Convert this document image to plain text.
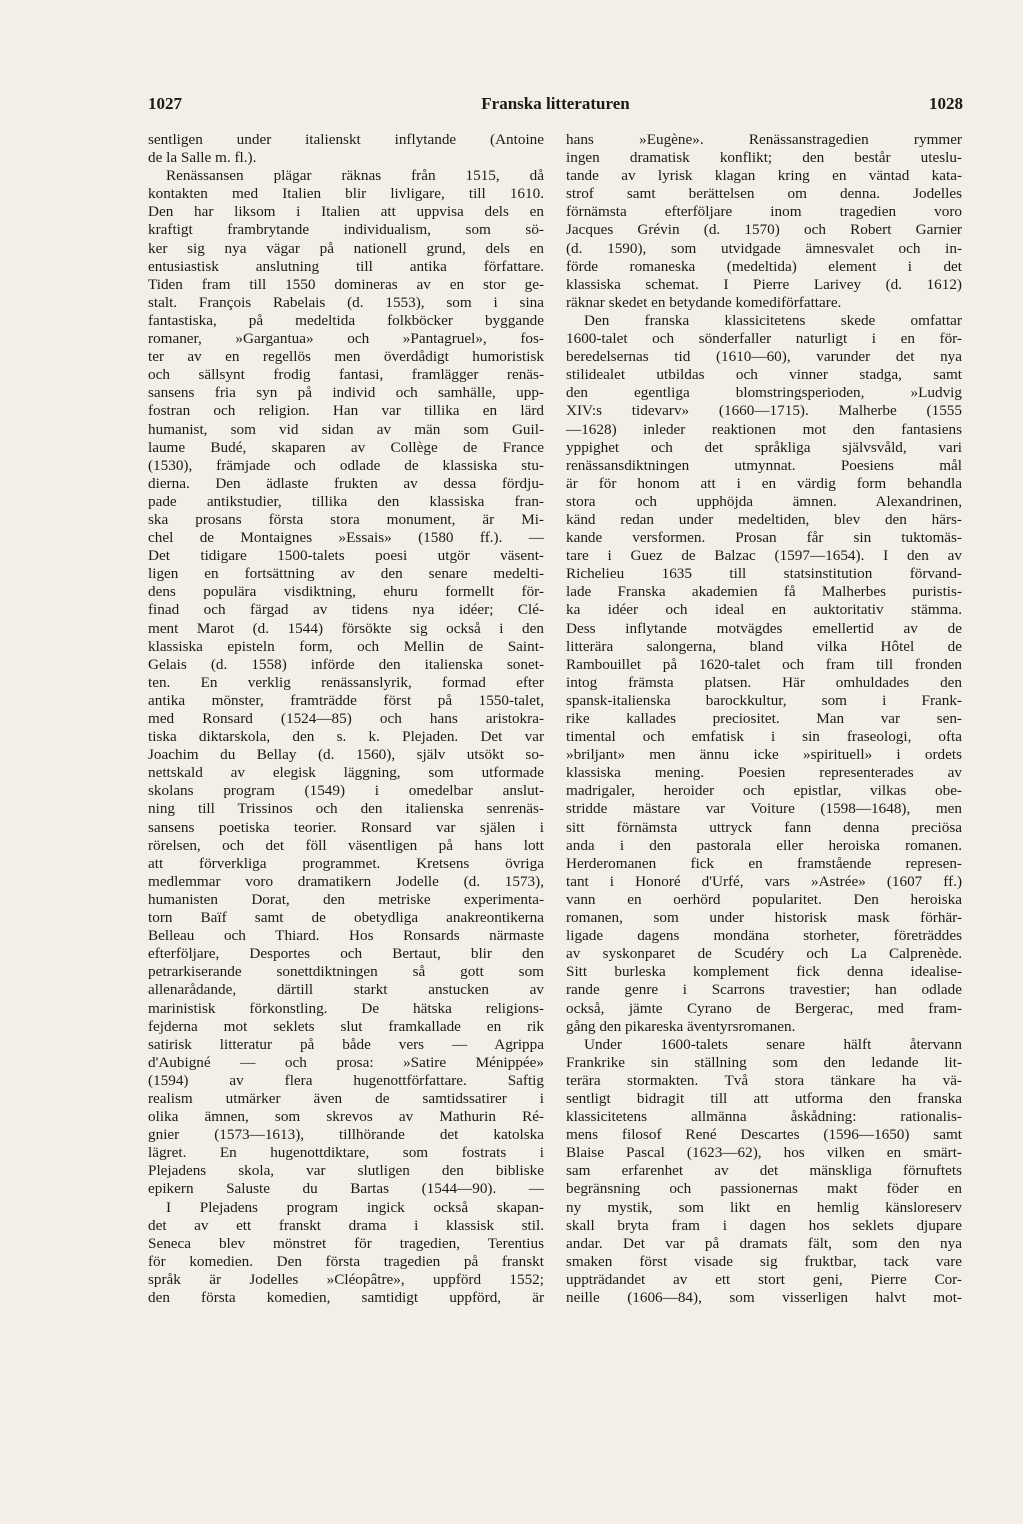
1027	Franska litteraturen	1028
sentligen under italienskt inflytande (Antoine
de la Salle m. fl.).
Renässansen plägar räknas från 1515, då
kontakten med Italien blir livligare, till 1610.
Den har liksom i Italien att uppvisa dels en
kraftigt frambrytande individualism, som sö-
ker sig nya vägar på nationell grund, dels en
entusiastisk anslutning till antika författare.
Tiden fram till 1550 domineras av en stor ge-
stalt. François Rabelais (d. 1553), som i sina
fantastiska, på medeltida folkböcker byggande
romaner, »Gargantua» och »Pantagruel», fos-
ter av en regellös men överdådigt humoristisk
och sällsynt frodig fantasi, framlägger renäs-
sansens fria syn på individ och samhälle, upp-
fostran och religion. Han var tillika en lärd
humanist, som vid sidan av män som Guil-
laume Budé, skaparen av Collège de France
(1530), främjade och odlade de klassiska stu-
dierna. Den ädlaste frukten av dessa fördju-
pade antikstudier, tillika den klassiska fran-
ska prosans första stora monument, är Mi-
chel de Montaignes »Essais» (1580 ff.). —
Det tidigare 1500-talets poesi utgör väsent-
ligen en fortsättning av den senare medelti-
dens populära visdiktning, ehuru formellt för-
finad och färgad av tidens nya idéer; Clé-
ment Marot (d. 1544) försökte sig också i den
klassiska episteln form, och Mellin de Saint-
Gelais (d. 1558) införde den italienska sonet-
ten. En verklig renässanslyrik, formad efter
antika mönster, framträdde först på 1550-talet,
med Ronsard (1524—85) och hans aristokra-
tiska diktarskola, den s. k. Plejaden. Det var
Joachim du Bellay (d. 1560), själv utsökt so-
nettskald av elegisk läggning, som utformade
skolans program (1549) i omedelbar anslut-
ning till Trissinos och den italienska senrenäs-
sansens poetiska teorier. Ronsard var själen i
rörelsen, och det föll väsentligen på hans lott
att förverkliga programmet. Kretsens övriga
medlemmar voro dramatikern Jodelle (d. 1573),
humanisten Dorat, den metriske experimenta-
torn Baïf samt de obetydliga anakreontikerna
Belleau och Thiard. Hos Ronsards närmaste
efterföljare, Desportes och Bertaut, blir den
petrarkiserande sonettdiktningen så gott som
allenarådande, därtill starkt anstucken av
marinistisk förkonstling. De hätska religions-
fejderna mot seklets slut framkallade en rik
satirisk litteratur på både vers — Agrippa
d'Aubigné — och prosa: »Satire Ménippée»
(1594) av flera hugenottförfattare. Saftig
realism utmärker även de samtidssatirer i
olika ämnen, som skrevos av Mathurin Ré-
gnier (1573—1613), tillhörande det katolska
lägret. En hugenottdiktare, som fostrats i
Plejadens skola, var slutligen den bibliske
epikern Saluste du Bartas (1544—90). —
I Plejadens program ingick också skapan-
det av ett franskt drama i klassisk stil.
Seneca blev mönstret för tragedien, Terentius
för komedien. Den första tragedien på franskt
språk är Jodelles »Cléopâtre», uppförd 1552;
den första komedien, samtidigt uppförd, är
hans »Eugène». Renässanstragedien rymmer
ingen dramatisk konflikt; den består uteslu-
tande av lyrisk klagan kring en väntad kata-
strof samt berättelsen om denna. Jodelles
förnämsta efterföljare inom tragedien voro
Jacques Grévin (d. 1570) och Robert Garnier
(d. 1590), som utvidgade ämnesvalet och in-
förde romaneska (medeltida) element i det
klassiska schemat. I Pierre Larivey (d. 1612)
räknar skedet en betydande komediförfattare.
Den franska klassicitetens skede omfattar
1600-talet och sönderfaller naturligt i en för-
beredelsernas tid (1610—60), varunder det nya
stilidealet utbildas och vinner stadga, samt
den egentliga blomstringsperioden, »Ludvig
XIV:s tidevarv» (1660—1715). Malherbe (1555
—1628) inleder reaktionen mot den fantasiens
yppighet och det språkliga självsvåld, vari
renässansdiktningen utmynnat. Poesiens mål
är för honom att i en värdig form behandla
stora och upphöjda ämnen. Alexandrinen,
känd redan under medeltiden, blev den härs-
kande versformen. Prosan får sin tuktomäs-
tare i Guez de Balzac (1597—1654). I den av
Richelieu 1635 till statsinstitution förvand-
lade Franska akademien få Malherbes puristis-
ka idéer och ideal en auktoritativ stämma.
Dess inflytande motvägdes emellertid av de
litterära salongerna, bland vilka Hôtel de
Rambouillet på 1620-talet och fram till fronden
intog främsta platsen. Här omhuldades den
spansk-italienska barockkultur, som i Frank-
rike kallades preciositet. Man var sen-
timental och emfatisk i sin fraseologi, ofta
»briljant» men ännu icke »spirituell» i ordets
klassiska mening. Poesien representerades av
madrigaler, heroider och epistlar, vilkas obe-
stridde mästare var Voiture (1598—1648), men
sitt förnämsta uttryck fann denna preciösa
anda i den pastorala eller heroiska romanen.
Herderomanen fick en framstående represen-
tant i Honoré d'Urfé, vars »Astrée» (1607 ff.)
vann en oerhörd popularitet. Den heroiska
romanen, som under historisk mask förhär-
ligade dagens mondäna storheter, företräddes
av syskonparet de Scudéry och La Calprenède.
Sitt burleska komplement fick denna idealise-
rande genre i Scarrons travestier; han odlade
också, jämte Cyrano de Bergerac, med fram-
gång den pikareska äventyrsromanen.
Under 1600-talets senare hälft återvann
Frankrike sin ställning som den ledande lit-
terära stormakten. Två stora tänkare ha vä-
sentligt bidragit till att utforma den franska
klassicitetens allmänna åskådning: rationalis-
mens filosof René Descartes (1596—1650) samt
Blaise Pascal (1623—62), hos vilken en smärt-
sam erfarenhet av det mänskliga förnuftets
begränsning och passionernas makt föder en
ny mystik, som likt en hemlig känsloreserv
skall bryta fram i dagen hos seklets djupare
andar. Det var på dramats fält, som den nya
smaken först visade sig fruktbar, tack vare
uppträdandet av ett stort geni, Pierre Cor-
neille (1606—84), som visserligen halvt mot-
